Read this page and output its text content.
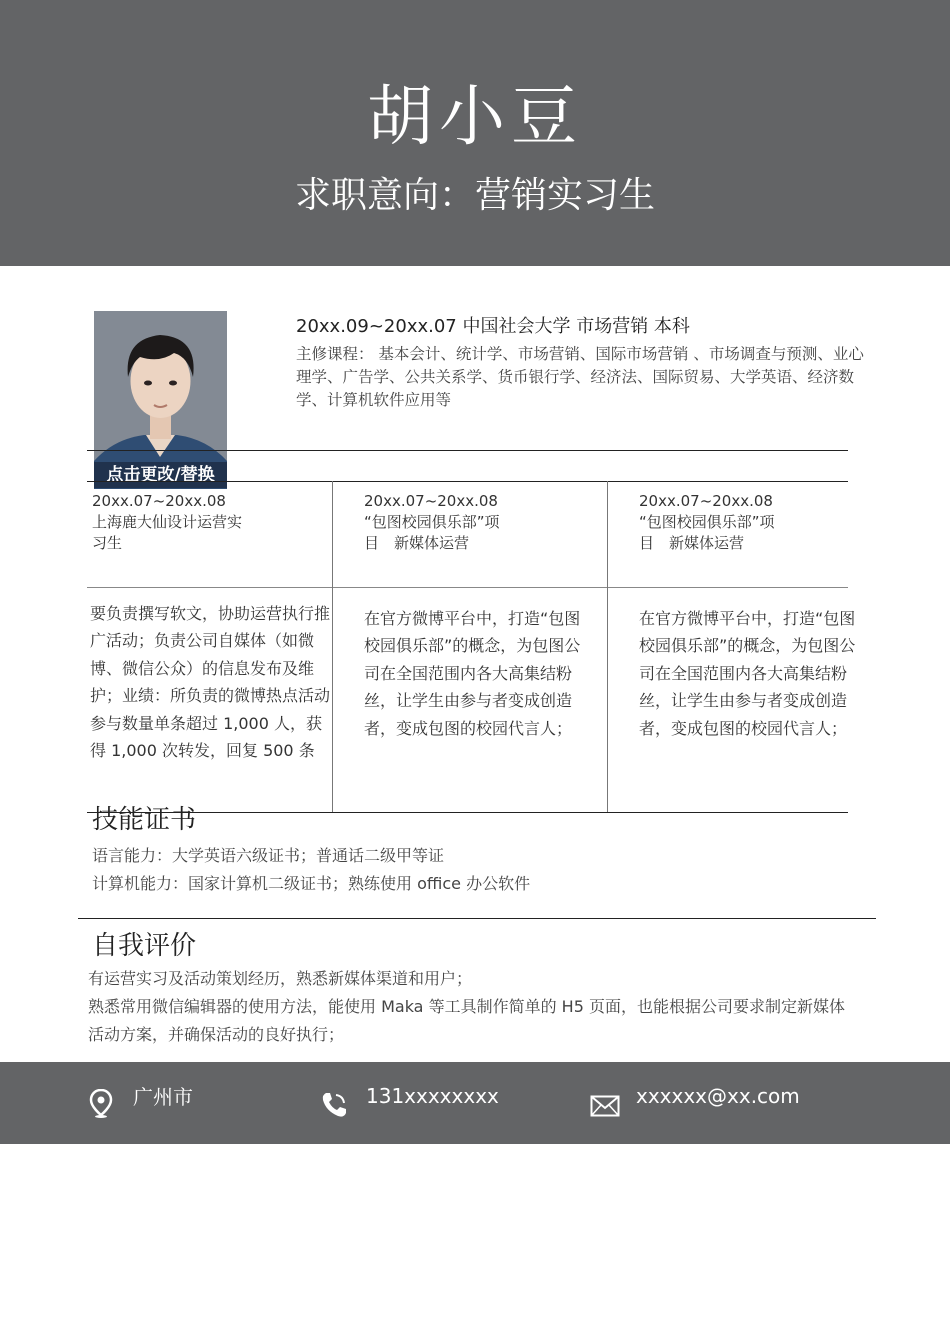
胡小豆
求职意向：营销实习生
点击更改/替换
20xx.09~20xx.07 中国社会大学 市场营销 本科
主修课程： 基本会计、统计学、市场营销、国际市场营销 、市场调查与预测、业心理学、广告学、公共关系学、货币银行学、经济法、国际贸易、大学英语、经济数学、计算机软件应用等
20xx.07~20xx.08
上海鹿大仙设计运营实习生
要负责撰写软文，协助运营执行推广活动；负责公司自媒体（如微博、微信公众）的信息发布及维护；业绩：所负责的微博热点活动参与数量单条超过 1,000 人，获得 1,000 次转发，回复 500 条
20xx.07~20xx.08
“包图校园俱乐部”项目　新媒体运营
在官方微博平台中，打造“包图校园俱乐部”的概念，为包图公司在全国范围内各大高集结粉丝，让学生由参与者变成创造者，变成包图的校园代言人；
20xx.07~20xx.08
“包图校园俱乐部”项目　新媒体运营
在官方微博平台中，打造“包图校园俱乐部”的概念，为包图公司在全国范围内各大高集结粉丝，让学生由参与者变成创造者，变成包图的校园代言人；
技能证书
语言能力：大学英语六级证书；普通话二级甲等证
计算机能力：国家计算机二级证书；熟练使用 office 办公软件
自我评价
有运营实习及活动策划经历，熟悉新媒体渠道和用户；
熟悉常用微信编辑器的使用方法，能使用 Maka 等工具制作简单的 H5 页面，也能根据公司要求制定新媒体活动方案，并确保活动的良好执行；
广州市	131xxxxxxxx	xxxxxx@xx.com
